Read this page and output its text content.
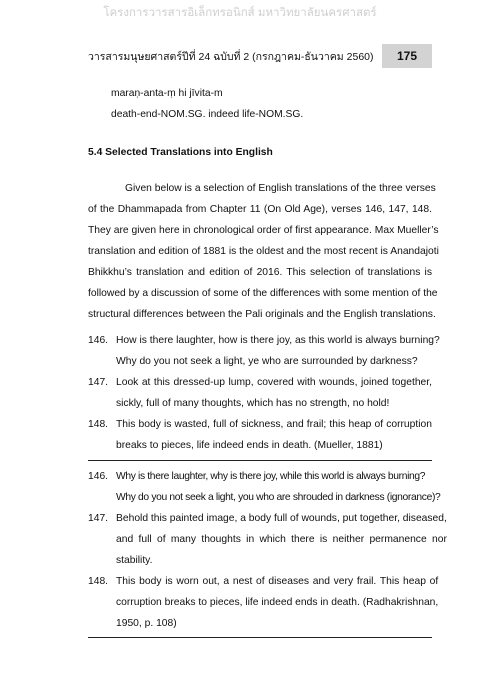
โครงการวารสารอิเล็กทรอนิกส์ มหาวิทยาลัยนครศาสตร์
วารสารมนุษยศาสตร์ปีที่ 24 ฉบับที่ 2 (กรกฎาคม-ธันวาคม 2560)	175
maraṇ-anta-ṃ hi jīvita-m
death-end-NOM.SG. indeed life-NOM.SG.
5.4 Selected Translations into English
Given below is a selection of English translations of the three verses
of the Dhammapada from Chapter 11 (On Old Age), verses 146, 147, 148.
They are given here in chronological order of first appearance. Max Mueller’s
translation and edition of 1881 is the oldest and the most recent is Anandajoti
Bhikkhu’s translation and edition of 2016. This selection of translations is
followed by a discussion of some of the differences with some mention of the
structural differences between the Pali originals and the English translations.
146. How is there laughter, how is there joy, as this world is always burning?
Why do you not seek a light, ye who are surrounded by darkness?
147. Look at this dressed-up lump, covered with wounds, joined together,
sickly, full of many thoughts, which has no strength, no hold!
148. This body is wasted, full of sickness, and frail; this heap of corruption
breaks to pieces, life indeed ends in death. (Mueller, 1881)
146. Why is there laughter, why is there joy, while this world is always burning?
Why do you not seek a light, you who are shrouded in darkness (ignorance)?
147. Behold this painted image, a body full of wounds, put together, diseased,
and full of many thoughts in which there is neither permanence nor
stability.
148. This body is worn out, a nest of diseases and very frail. This heap of
corruption breaks to pieces, life indeed ends in death. (Radhakrishnan,
1950, p. 108)
